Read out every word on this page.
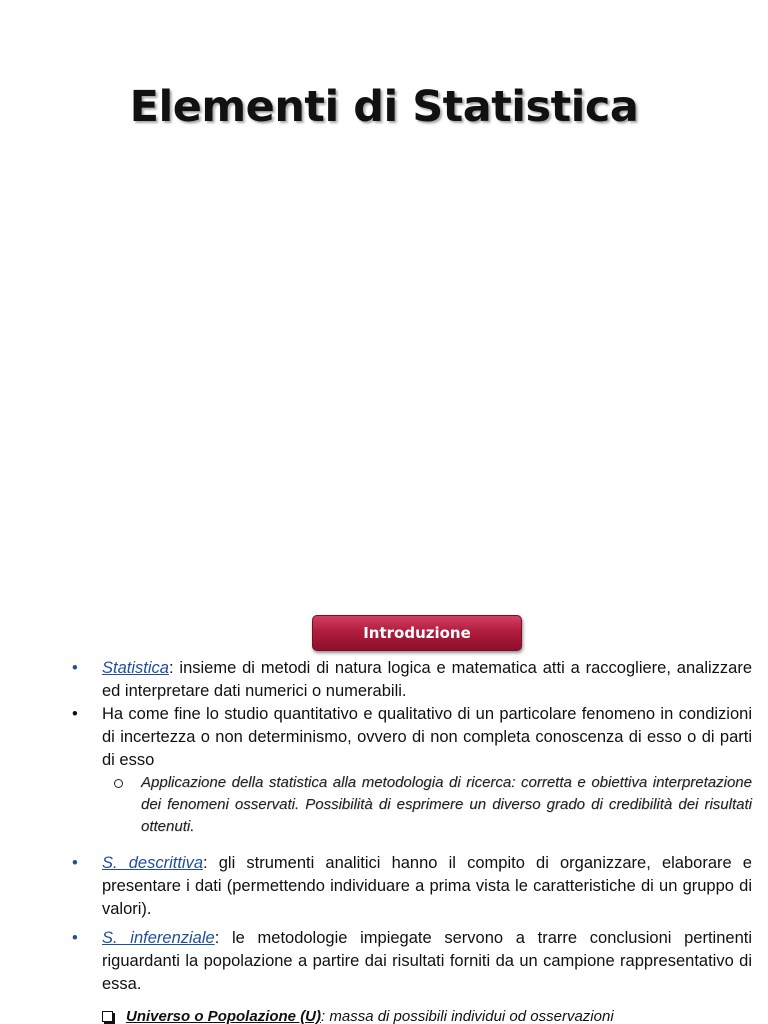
Elementi di Statistica
Introduzione
•	Statistica: insieme di metodi di natura logica e matematica atti a raccogliere, analizzare ed interpretare dati numerici o numerabili.
•	Ha come fine lo studio quantitativo e qualitativo di un particolare fenomeno in condizioni di incertezza o non determinismo, ovvero di non completa conoscenza di esso o di parti di esso
Applicazione della statistica alla metodologia di ricerca: corretta e obiettiva interpretazione dei fenomeni osservati. Possibilità di esprimere un diverso grado di credibilità dei risultati ottenuti.
•	S. descrittiva: gli strumenti analitici hanno il compito di organizzare, elaborare e presentare i dati (permettendo individuare a prima vista le caratteristiche di un gruppo di valori).
•	S. inferenziale: le metodologie impiegate servono a trarre conclusioni pertinenti riguardanti la popolazione a partire dai risultati forniti da un campione rappresentativo di essa.
Universo o Popolazione (U): massa di possibili individui od osservazioni
